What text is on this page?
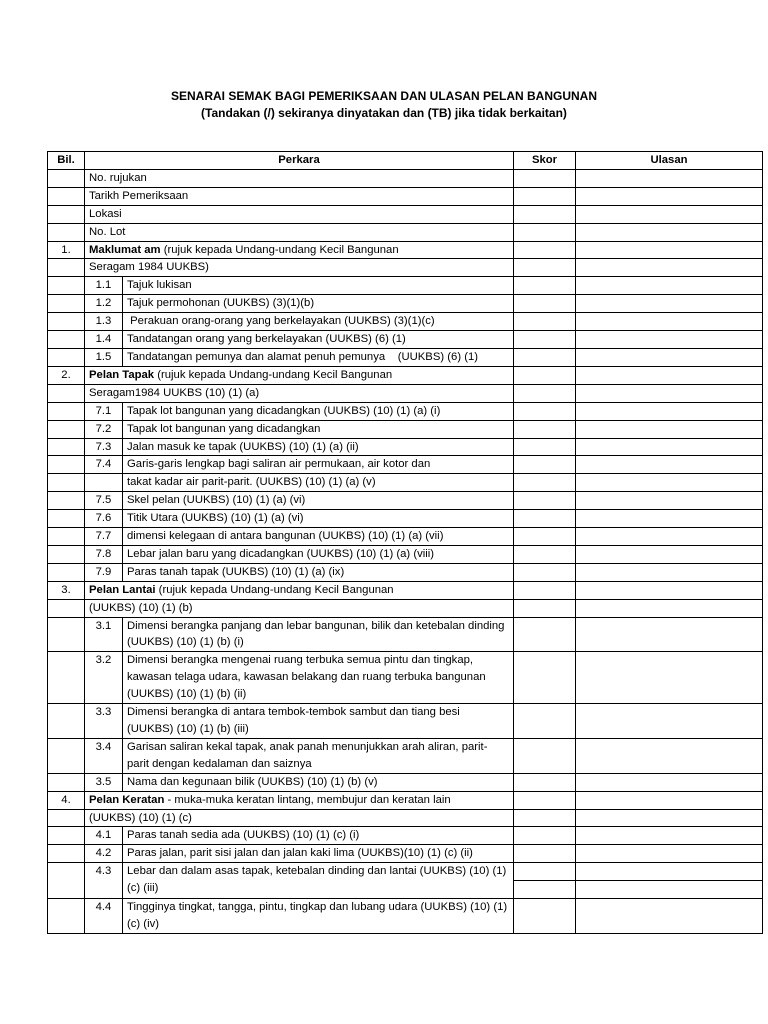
SENARAI SEMAK BAGI PEMERIKSAAN DAN ULASAN PELAN BANGUNAN
(Tandakan (/) sekiranya dinyatakan dan (TB) jika tidak berkaitan)
Bil.	Perkara		Skor	Ulasan
	No. rujukan			
	Tarikh Pemeriksaan			
	Lokasi			
	No. Lot			
1.	Maklumat am (rujuk kepada Undang-undang Kecil Bangunan			
	Seragam 1984 UUKBS)			
	1.1	Tajuk lukisan		
	1.2	Tajuk permohonan (UUKBS) (3)(1)(b)		
	1.3	Perakuan orang-orang yang berkelayakan (UUKBS) (3)(1)(c)		
	1.4	Tandatangan orang yang berkelayakan (UUKBS) (6) (1)		
	1.5	Tandatangan pemunya dan alamat penuh pemunya    (UUKBS) (6) (1)		
2.	Pelan Tapak (rujuk kepada Undang-undang Kecil Bangunan			
	Seragam1984 UUKBS (10) (1) (a)			
	7.1	Tapak lot bangunan yang dicadangkan (UUKBS) (10) (1) (a) (i)		
	7.2	Tapak lot bangunan yang dicadangkan		
	7.3	Jalan masuk ke tapak (UUKBS) (10) (1) (a) (ii)		
	7.4	Garis-garis lengkap bagi saliran air permukaan, air kotor dan		
		takat kadar air parit-parit. (UUKBS) (10) (1) (a) (v)		
	7.5	Skel pelan (UUKBS) (10) (1) (a) (vi)		
	7.6	Titik Utara (UUKBS) (10) (1) (a) (vi)		
	7.7	dimensi kelegaan di antara bangunan (UUKBS) (10) (1) (a) (vii)		
	7.8	Lebar jalan baru yang dicadangkan (UUKBS) (10) (1) (a) (viii)		
	7.9	Paras tanah tapak (UUKBS) (10) (1) (a) (ix)		
3.	Pelan Lantai (rujuk kepada Undang-undang Kecil Bangunan			
	(UUKBS) (10) (1) (b)			
	3.1	Dimensi berangka panjang dan lebar bangunan, bilik dan ketebalan dinding (UUKBS) (10) (1) (b) (i)		
	3.2	Dimensi berangka mengenai ruang terbuka semua pintu dan tingkap, kawasan telaga udara, kawasan belakang dan ruang terbuka bangunan (UUKBS) (10) (1) (b) (ii)		
	3.3	Dimensi berangka di antara tembok-tembok sambut dan tiang besi (UUKBS) (10) (1) (b) (iii)		
	3.4	Garisan saliran kekal tapak, anak panah menunjukkan arah aliran, parit-parit dengan kedalaman dan saiznya		
	3.5	Nama dan kegunaan bilik (UUKBS) (10) (1) (b) (v)		
4.	Pelan Keratan - muka-muka keratan lintang, membujur dan keratan lain			
	(UUKBS) (10) (1) (c)			
	4.1	Paras tanah sedia ada (UUKBS) (10) (1) (c) (i)		
	4.2	Paras jalan, parit sisi jalan dan jalan kaki lima (UUKBS)(10) (1) (c) (ii)		
	4.3	Lebar dan dalam asas tapak, ketebalan dinding dan lantai (UUKBS) (10) (1) (c) (iii)	

	4.4	Tingginya tingkat, tangga, pintu, tingkap dan lubang udara (UUKBS) (10) (1) (c) (iv)		
